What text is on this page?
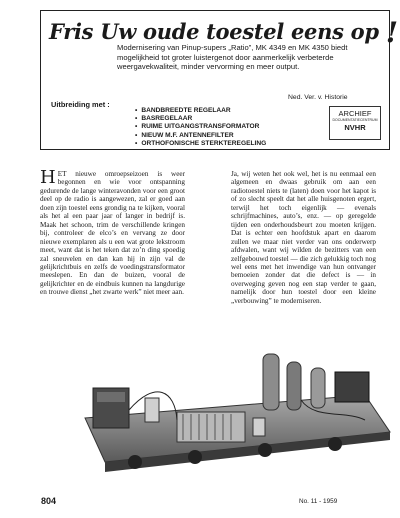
Fris Uw oude toestel eens op !
Modernisering van Pinup-supers „Ratio”, MK 4349 en MK 4350 biedt mogelijkheid tot groter luistergenot door aanmerkelijk verbeterde weergavekwaliteit, minder vervorming en meer output.
Ned. Ver. v. Historie
ARCHIEF
DOCUMENTATIECENTRUM
NVHR
Uitbreiding met :
• BANDBREEDTE REGELAAR
• BASREGELAAR
• RUIME UITGANGSTRANSFORMATOR
• NIEUW M.F. ANTENNEFILTER
• ORTHOFONISCHE STERKTEREGELING
HET nieuwe omroepseizoen is weer begonnen en wie voor ontspanning gedurende de lange winteravonden voor een groot deel op de radio is aangewezen, zal er goed aan doen zijn toestel eens grondig na te kijken, vooral als het al een paar jaar of langer in bedrijf is. Maak het schoon, trim de verschillende kringen bij, controleer de elco’s en vervang ze door nieuwe exemplaren als u een wat grote lekstroom meet, want dat is het teken dat zo’n ding spoedig zal sneuvelen en dan kan hij in zijn val de gelijkrichtbuis en zelfs de voedingstransformator meeslepen. En dan de buizen, vooral de gelijkrichter en de eindbuis kunnen na langdurige en trouwe dienst „het zwarte werk” niet meer aan.
Ja, wij weten het ook wel, het is nu eenmaal een algemeen en dwaas gebruik om aan een radiotoestel niets te (laten) doen voor het kapot is of zo slecht speelt dat het alle huisgenoten ergert, terwijl het toch eigenlijk — evenals schrijfmachines, auto’s, enz. — op geregelde tijden een onderhoudsbeurt zou moeten krijgen. Dat is echter een hoofdstuk apart en daarom zullen we maar niet verder van ons onderwerp afdwalen, want wij wilden de bezitters van een zelfgebouwd toestel — die zich gelukkig toch nog wel eens met het inwendige van hun ontvanger bemoeien zonder dat die defect is — in overweging geven nog een stap verder te gaan, namelijk door hun toestel door een kleine „verbouwing” te moderniseren.
804	No. 11 - 1959
